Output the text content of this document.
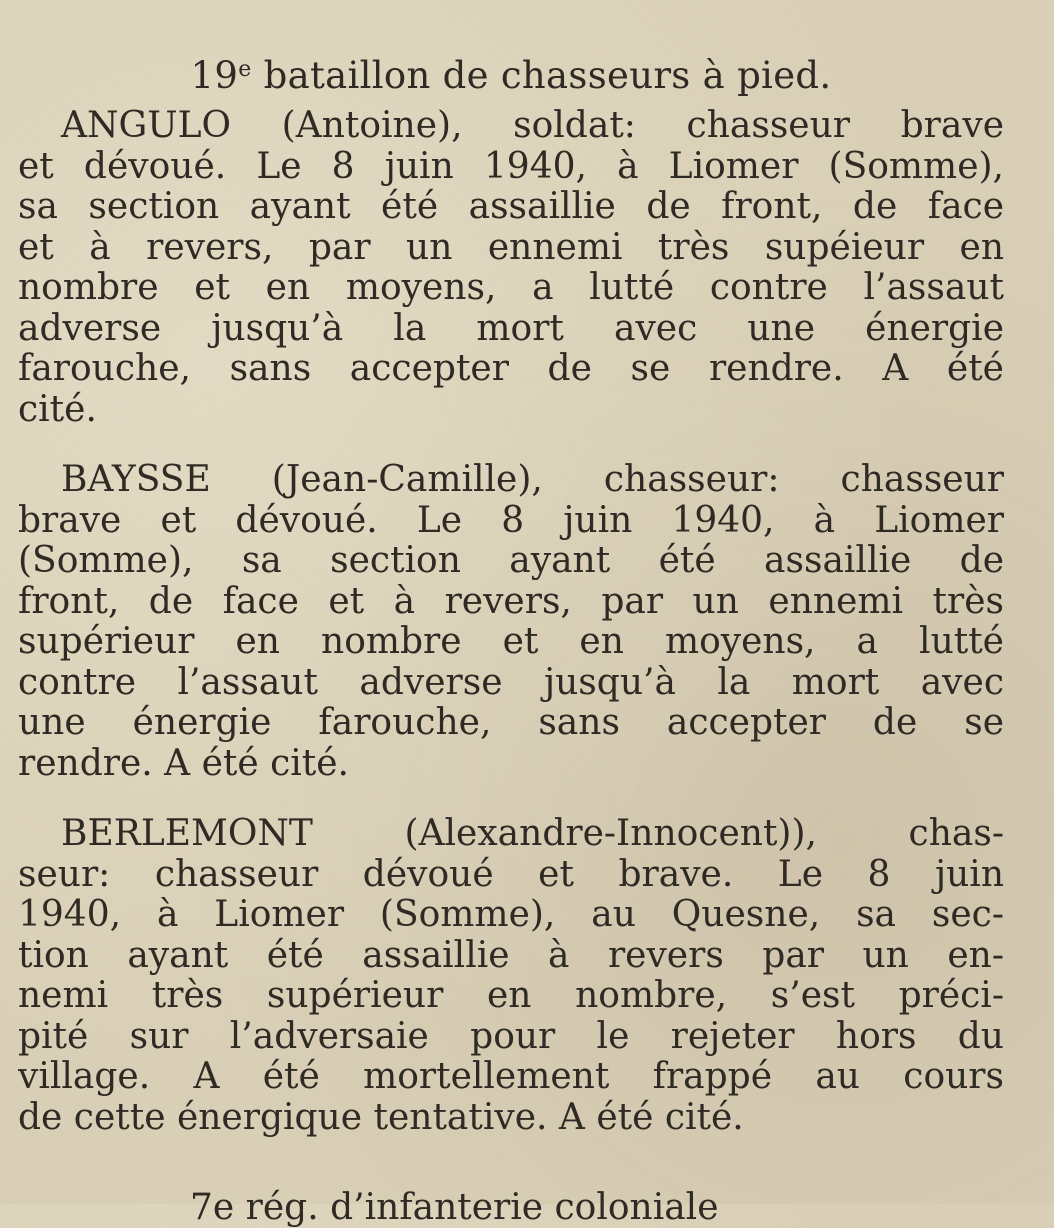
19e bataillon de chasseurs à pied.
ANGULO (Antoine), soldat: chasseur brave
et dévoué. Le 8 juin 1940, à Liomer (Somme),
sa section ayant été assaillie de front, de face
et à revers, par un ennemi très supéieur en
nombre et en moyens, a lutté contre l’assaut
adverse jusqu’à la mort avec une énergie
farouche, sans accepter de se rendre. A été
cité.
BAYSSE (Jean-Camille), chasseur: chasseur
brave et dévoué. Le 8 juin 1940, à Liomer
(Somme), sa section ayant été assaillie de
front, de face et à revers, par un ennemi très
supérieur en nombre et en moyens, a lutté
contre l’assaut adverse jusqu’à la mort avec
une énergie farouche, sans accepter de se
rendre. A été cité.
BERLEMONT (Alexandre-Innocent)), chas-
seur: chasseur dévoué et brave. Le 8 juin
1940, à Liomer (Somme), au Quesne, sa sec-
tion ayant été assaillie à revers par un en-
nemi très supérieur en nombre, s’est préci-
pité sur l’adversaie pour le rejeter hors du
village. A été mortellement frappé au cours
de cette énergique tentative. A été cité.
7e rég. d’infanterie coloniale
